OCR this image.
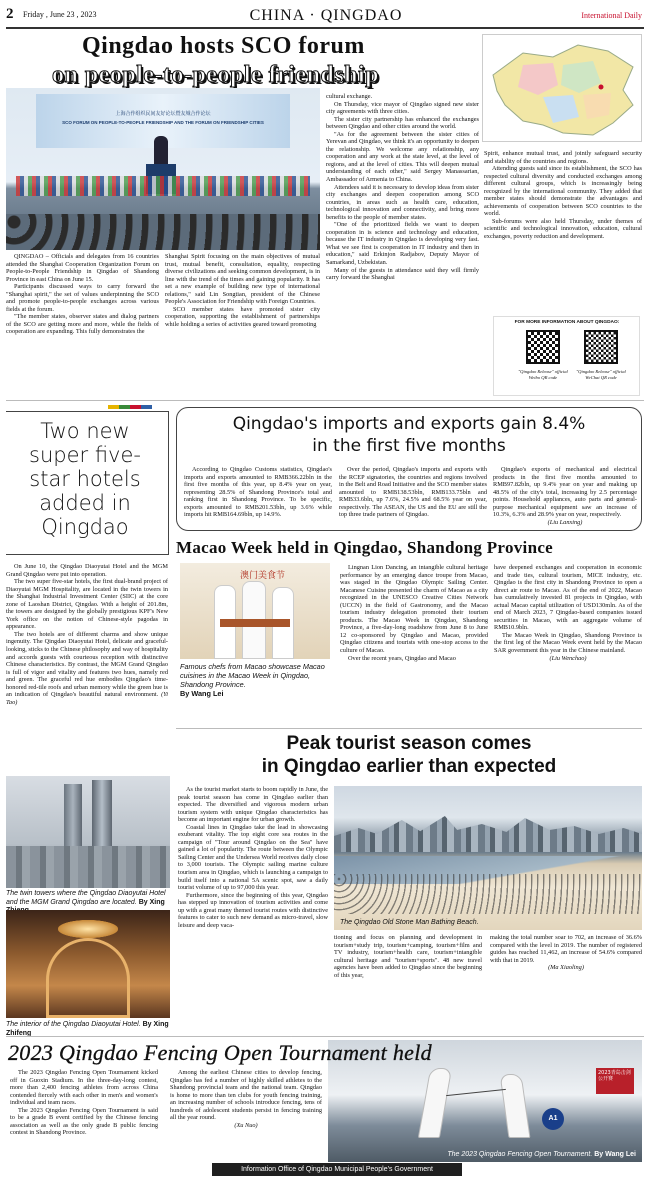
2 Friday , June 23 , 2023	CHINA · QINGDAO	International Daily
Qingdao hosts SCO forum
on people-to-people friendship
上海合作组织民间友好论坛暨友城合作论坛
SCO FORUM ON PEOPLE-TO-PEOPLE FRIENDSHIP AND THE FORUM ON FRIENDSHIP CITIES

QINGDAO – Officials and delegates from 16 countries attended the Shanghai Cooperation Organization Forum on People-to-People Friendship in Qingdao of Shandong Province in east China on June 15.

Participants discussed ways to carry forward the "Shanghai spirit," the set of values underpinning the SCO and promote people-to-people exchanges across various fields at the forum.

"The member states, observer states and dialog partners of the SCO are getting more and more, while the fields of cooperation are expanding. This fully demonstrates the

Shanghai Spirit focusing on the main objectives of mutual trust, mutual benefit, consultation, equality, respecting diverse civilizations and seeking common development, is in line with the trend of the times and gaining popularity. It has set a new example of building new type of international relations," said Lin Songtian, president of the Chinese People's Association for Friendship with Foreign Countries.

SCO member states have promoted sister city cooperation, supporting the establishment of partnerships while holding a series of activities geared toward promoting

cultural exchange.

On Thursday, vice mayor of Qingdao signed new sister city agreements with three cities.

The sister city partnership has enhanced the exchanges between Qingdao and other cities around the world.

"As for the agreement between the sister cities of Yerevan and Qingdao, we think it's an opportunity to deepen the relationship. We welcome any relationship, any cooperation and any work at the state level, at the level of regions, and at the level of cities. This will deepen mutual understanding of each other," said Sergey Manassarian, Ambassador of Armenia to China.

Attendees said it is necessary to develop ideas from sister city exchanges and deepen cooperation among SCO countries, in areas such as health care, education, technological innovation and connectivity, and bring more benefits to the people of member states.

"One of the prioritized fields we want to deepen cooperation in is science and technology and education, because the IT industry in Qingdao is developing very fast. What we see first is cooperation in IT industry and then in education," said Erkinjon Radjabov, Deputy Mayor of Samarkand, Uzbekistan.

Many of the guests in attendance said they will firmly carry forward the Shanghai

Spirit, enhance mutual trust, and jointly safeguard security and stability of the countries and regions.

Attending guests said since its establishment, the SCO has respected cultural diversity and conducted exchanges among different cultural groups, which is increasingly being recognized by the international community. They added that member states should demonstrate the advantages and achievements of cooperation between SCO countries to the world.

Sub-forums were also held Thursday, under themes of scientific and technological innovation, education, cultural exchanges, poverty reduction and development.

FOR MORE INFORMATION ABOUT QINGDAO:
"Qingdao Release" official Weibo QR code
"Qingdao Release" official WeChat QR code
Two new super five-star hotels added in Qingdao

On June 10, the Qingdao Diaoyutai Hotel and the MGM Grand Qingdao were put into operation.

The two super five-star hotels, the first dual-brand project of Diaoyutai MGM Hospitality, are located in the twin towers in the Shanghai Industrial Investment Center (SIIC) at the core zone of Laoshan District, Qingdao. With a height of 201.8m, the towers are designed by the globally prestigious KPF's New York office on the notion of Chinese-style pagodas in appearance.

The two hotels are of different charms and show unique ingenuity. The Qingdao Diaoyutai Hotel, delicate and graceful-looking, sticks to the Chinese philosophy and way of hospitality and accords guests with courteous reception with distinctive Chinese characteristics. By contrast, the MGM Grand Qingdao is full of vigor and vitality and features two hues, namely red and green. The graceful red hue embodies Qingdao's time-honored red-tile roofs and urban memory while the green hue is an indication of Qingdao's beautiful natural environment. (Yi Tao)

The twin towers where the Qingdao Diaoyutai Hotel and the MGM Grand Qingdao are located. By Xing
The interior of the Qingdao Diaoyutai Hotel. By Xing Zhifeng
Qingdao's imports and exports gain 8.4%
in the first five months

According to Qingdao Customs statistics, Qingdao's imports and exports amounted to RMB366.22bln in the first five months of this year, up 8.4% year on year, representing 28.5% of Shandong Province's total and ranking first in Shandong Province. To be specific, exports amounted to RMB201.53bln, up 3.6% while imports hit RMB164.69bln, up 14.9%.

Over the period, Qingdao's imports and exports with the RCEP signatories, the countries and regions involved in the Belt and Road Initiative and the SCO member states amounted to RMB138.53bln, RMB133.75bln and RMB33.6bln, up 7.6%, 24.5% and 68.5% year on year, respectively. The ASEAN, the US and the EU are still the top three trade partners of Qingdao.

Qingdao's exports of mechanical and electrical products in the first five months amounted to RMB97.82bln, up 9.4% year on year and making up 48.5% of the city's total, increasing by 2.5 percentage points. Household appliances, auto parts and general-purpose mechanical equipment saw an increase of 10.3%, 6.3% and 28.9% year on year, respectively.

(Liu Lanxing)

Macao Week held in Qingdao, Shandong Province
澳门美食节
Famous chefs from Macao showcase Macao cuisines in the Macao Week in Qingdao, Shandong Province.
By Wang Lei

Lingnan Lion Dancing, an intangible cultural heritage performance by an emerging dance troupe from Macao, was staged in the Qingdao Olympic Sailing Center. Macanese Cuisine presented the charm of Macao as a city recognized in the UNESCO Creative Cities Network (UCCN) in the field of Gastronomy, and the Macao tourism industry delegation promoted their tourism products. The Macao Week in Qingdao, Shandong Province, a five-day-long roadshow from June 8 to June 12 co-sponsored by Qingdao and Macao, provided Qingdao citizens and tourists with one-stop access to the culture of Macao.

Over the recent years, Qingdao and Macao

have deepened exchanges and cooperation in economic and trade ties, cultural tourism, MICE industry, etc. Qingdao is the first city in Shandong Province to open a direct air route to Macao. As of the end of 2022, Macao has cumulatively invested 81 projects in Qingdao, with actual Macao capital utilization of USD130mln. As of the end of March 2023, 7 Qingdao-based companies issued securities in Macao, with an aggregate volume of RMB10.9bln.

The Macao Week in Qingdao, Shandong Province is the first leg of the Macao Week event held by the Macao SAR government this year in the Chinese mainland.

(Liu Wenchao)

Peak tourist season comes
in Qingdao earlier than expected

As the tourist market starts to boom rapidly in June, the peak tourist season has come in Qingdao earlier than expected. The diversified and vigorous modern urban tourism system with unique Qingdao characteristics has become an important engine for urban growth.

Coastal lines in Qingdao take the lead in showcasing exuberant vitality. The top eight core sea routes in the campaign of "Tour around Qingdao on the Sea" have gained a lot of popularity. The route between the Olympic Sailing Center and the Undersea World receives daily close to 3,000 tourists. The Olympic sailing marine culture tourism area in Qingdao, which is launching a campaign to build itself into a national 5A scenic spot, saw a daily tourist volume of up to 97,000 this year.

Furthermore, since the beginning of this year, Qingdao has stepped up innovation of tourism activities and come up with a great many themed tourist routes with distinctive features to cater to such new demand as micro-travel, slow leisure and deep vaca-	The Qingdao Old Stone Man Bathing Beach.

tioning and focus on planning and development in tourism+study trip, tourism+camping, tourism+film and TV industry, tourism+health care, tourism+intangible cultural heritage and "tourism+sports". 48 new travel agencies have been added to Qingdao since the beginning of this year,

making the total number soar to 702, an increase of 36.6% compared with the level in 2019. The number of registered guides has reached 11,462, an increase of 54.6% compared with that in 2019.

(Ma Xiaoling)

2023青岛击剑公开赛
A1
The 2023 Qingdao Fencing Open Tournament. By Wang Lei
2023 Qingdao Fencing Open Tournament held

The 2023 Qingdao Fencing Open Tournament kicked off in Guoxin Stadium. In the three-day-long contest, more than 2,400 fencing athletes from across China contended fiercely with each other in men's and women's individual and team races.

The 2023 Qingdao Fencing Open Tournament is said to be a grade B event certified by the Chinese fencing association as well as the only grade B public fencing contest in Shandong Province.

Among the earliest Chinese cities to develop fencing, Qingdao has fed a number of highly skilled athletes to the Shandong provincial team and the national team. Qingdao is home to more than ten clubs for youth fencing training, an increasing number of schools introduce fencing, tens of hundreds of adolescent students persist in fencing training all the year round.

(Xu Nuo)

Information Office of Qingdao Municipal People's Government
